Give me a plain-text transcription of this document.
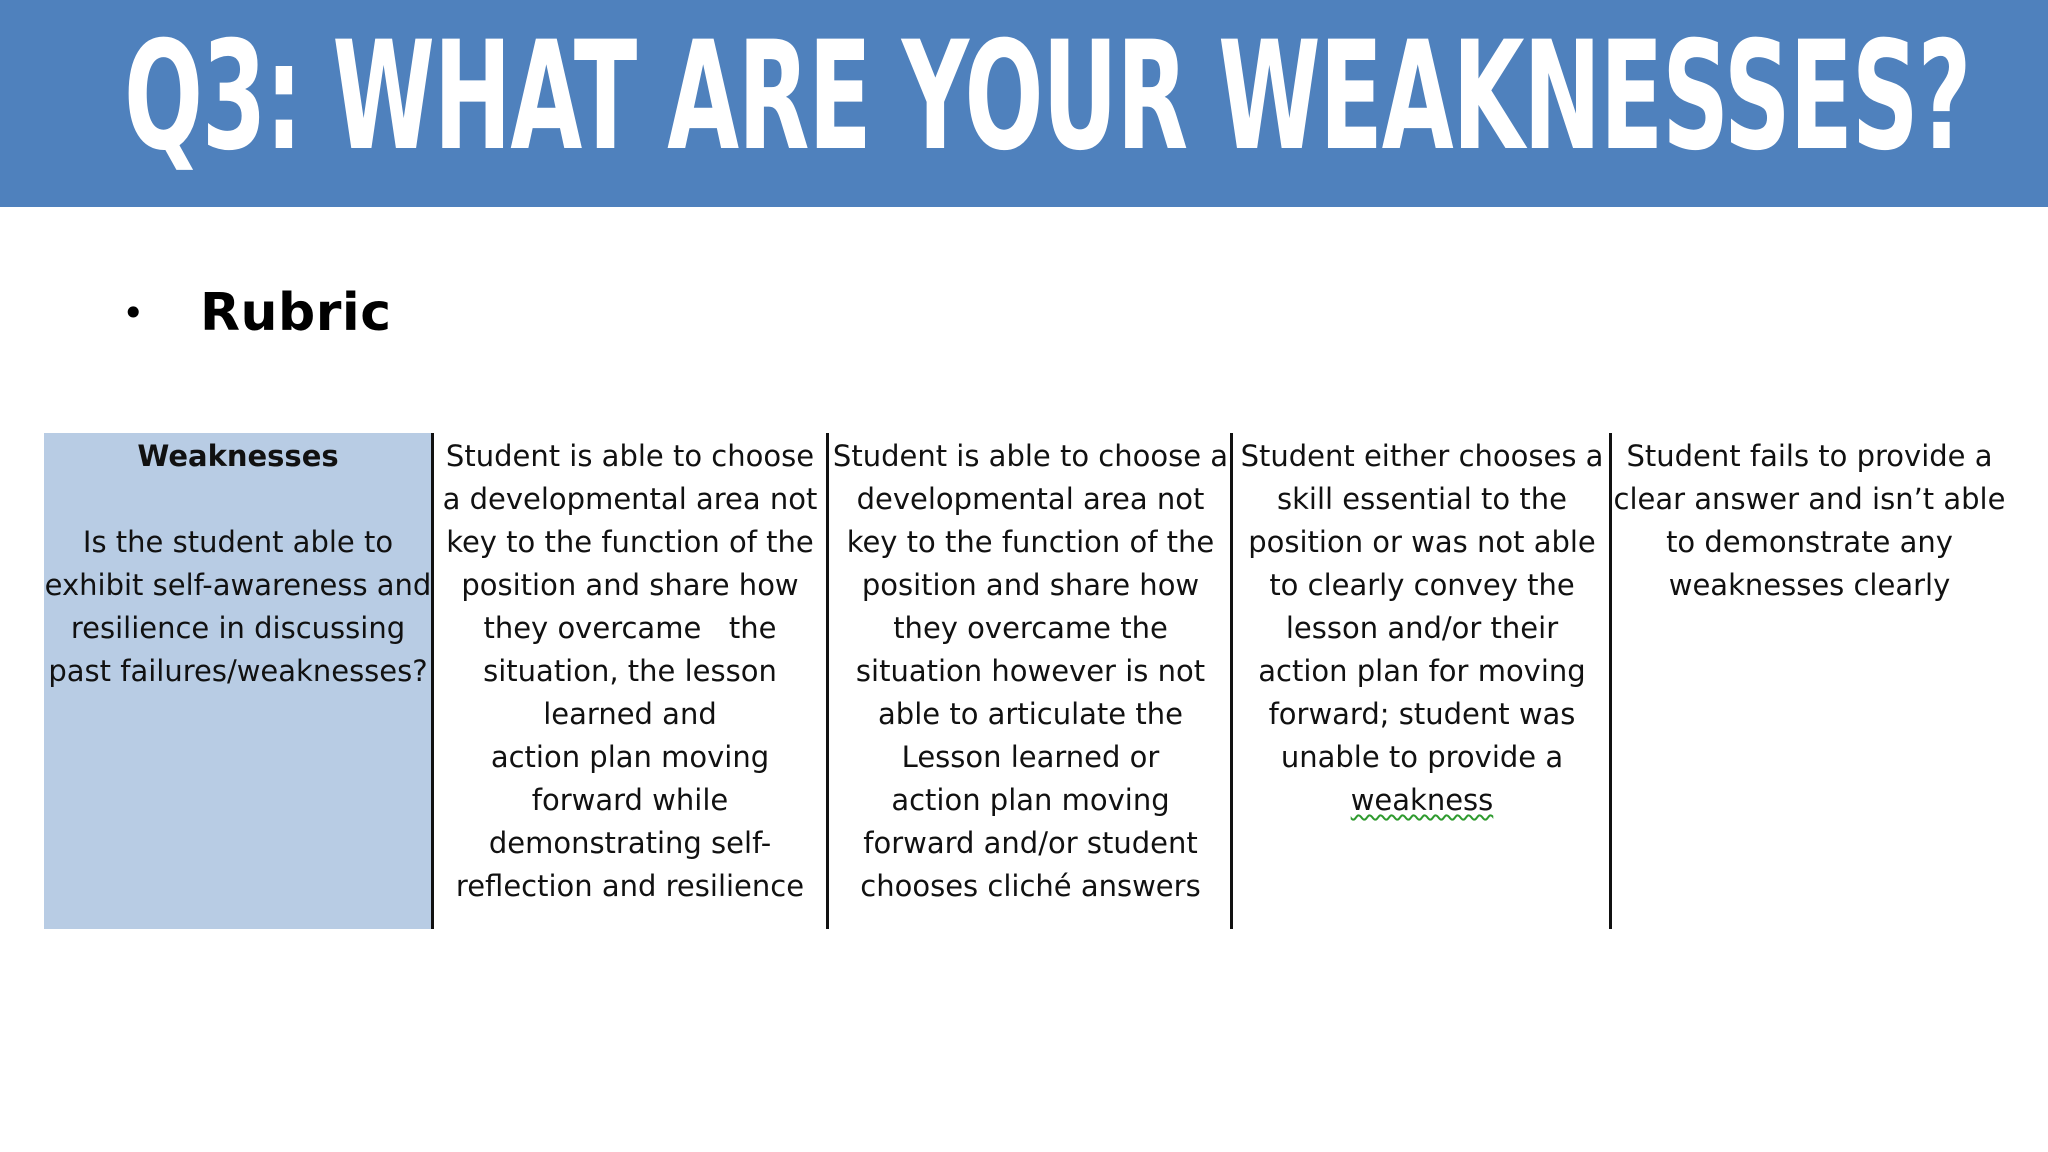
Q3: WHAT ARE YOUR WEAKNESSES?
•	Rubric
Weaknesses
Is the student able to
exhibit self-awareness and
resilience in discussing
past failures/weaknesses?
Student is able to choose
a developmental area not
key to the function of the
position and share how
they overcame   the
situation, the lesson
learned and
action plan moving
forward while
demonstrating self-
reflection and resilience
Student is able to choose a
developmental area not
key to the function of the
position and share how
they overcame the
situation however is not
able to articulate the
Lesson learned or
action plan moving
forward and/or student
chooses cliché answers
Student either chooses a
skill essential to the
position or was not able
to clearly convey the
lesson and/or their
action plan for moving
forward; student was
unable to provide a
weakness
Student fails to provide a
clear answer and isn’t able
to demonstrate any
weaknesses clearly
